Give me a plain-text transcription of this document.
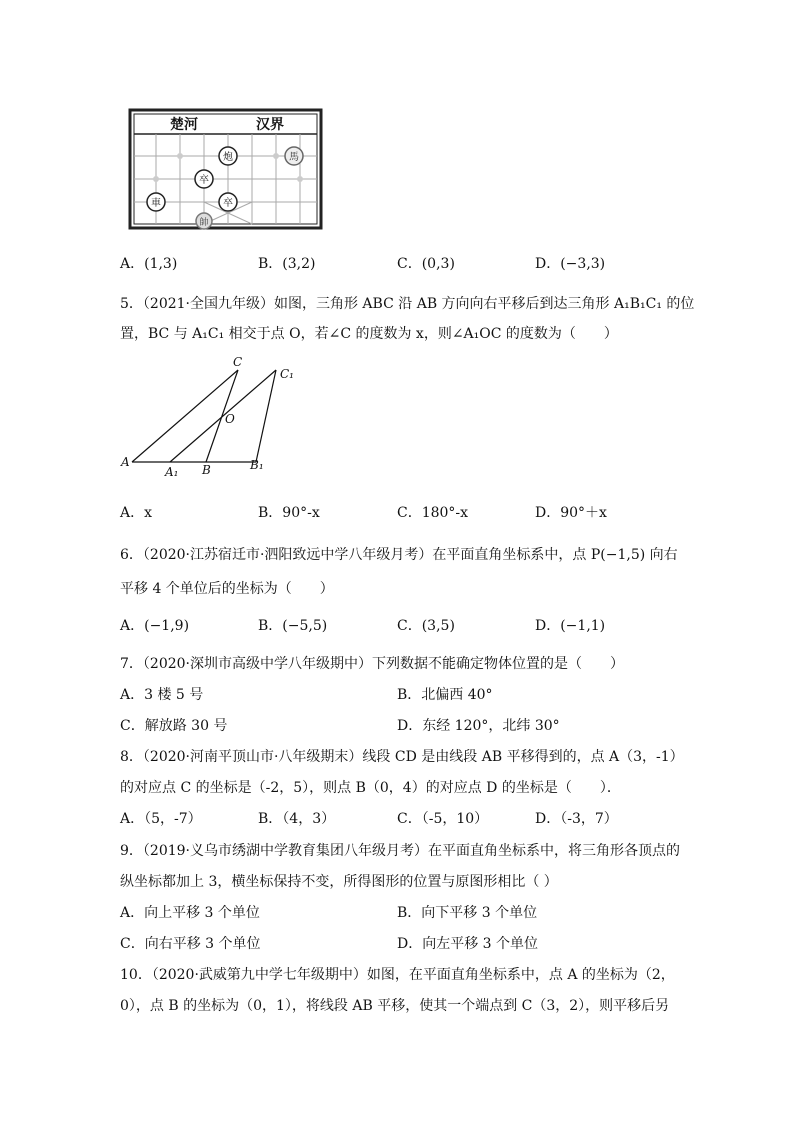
楚河	汉界
炮	馬
卒
車	卒
帥
A．(1,3)	B．(3,2)	C．(0,3)	D．(−3,3)
5．（2021·全国九年级）如图，三角形 ABC 沿 AB 方向向右平移后到达三角形 A₁B₁C₁ 的位
置，BC 与 A₁C₁ 相交于点 O，若∠C 的度数为 x，则∠A₁OC 的度数为（　　）
C
C₁
O
A
A₁ B	B₁
A．x	B．90°-x	C．180°-x	D．90°＋x
6．（2020·江苏宿迁市·泗阳致远中学八年级月考）在平面直角坐标系中，点 P(−1,5) 向右
平移 4 个单位后的坐标为（　　）
A．(−1,9)	B．(−5,5)	C．(3,5)	D．(−1,1)
7．（2020·深圳市高级中学八年级期中）下列数据不能确定物体位置的是（　　）
A．3 楼 5 号	B．北偏西 40°
C．解放路 30 号	D．东经 120°，北纬 30°
8．（2020·河南平顶山市·八年级期末）线段 CD 是由线段 AB 平移得到的，点 A（3，-1）
的对应点 C 的坐标是（-2，5），则点 B（0，4）的对应点 D 的坐标是（　　）．
A．（5，-7）	B．（4，3）	C．（-5，10）	D．（-3，7）
9．（2019·义乌市绣湖中学教育集团八年级月考）在平面直角坐标系中，将三角形各顶点的
纵坐标都加上 3，横坐标保持不变，所得图形的位置与原图形相比（ ）
A．向上平移 3 个单位	B．向下平移 3 个单位
C．向右平移 3 个单位	D．向左平移 3 个单位
10．（2020·武威第九中学七年级期中）如图，在平面直角坐标系中，点 A 的坐标为（2，
0），点 B 的坐标为（0，1），将线段 AB 平移，使其一个端点到 C（3，2），则平移后另
